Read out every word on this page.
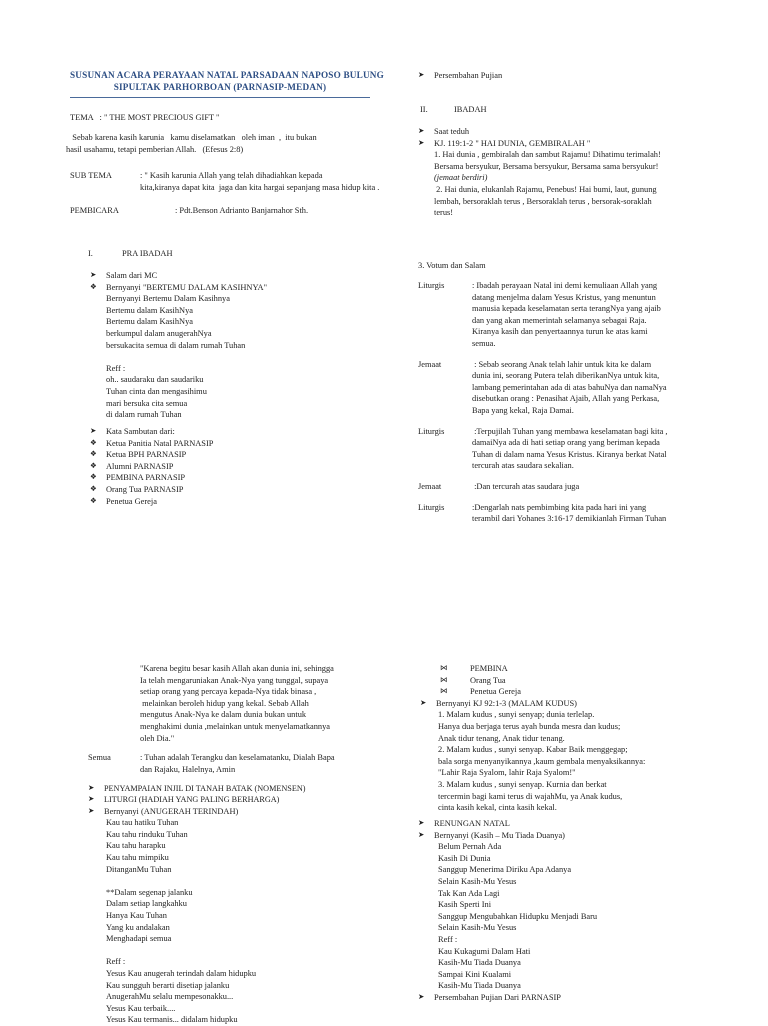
SUSUNAN ACARA PERAYAAN NATAL PARSADAAN NAPOSO BULUNG
SIPULTAK PARHORBOAN (PARNASIP-MEDAN)
TEMA   : " THE MOST PRECIOUS GIFT "
Sebab karena kasih karunia   kamu diselamatkan   oleh iman  ,  itu bukan
hasil usahamu, tetapi pemberian Allah.   (Efesus 2:8)
SUB TEMA	: " Kasih karunia Allah yang telah dihadiahkan kepada
kita,kiranya dapat kita  jaga dan kita hargai sepanjang masa hidup kita .
PEMBICARA	: Pdt.Benson Adrianto Banjarnahor Sth.
I.	PRA IBADAH
➤	Salam dari MC
❖	Bernyanyi "BERTEMU DALAM KASIHNYA"
Bernyanyi Bertemu Dalam Kasihnya
Bertemu dalam KasihNya
Bertemu dalam KasihNya
berkumpul dalam anugerahNya
bersukacita semua di dalam rumah Tuhan

Reff :
oh.. saudaraku dan saudariku
Tuhan cinta dan mengasihimu
mari bersuka cita semua
di dalam rumah Tuhan
➤	Kata Sambutan dari:
❖	Ketua Panitia Natal PARNASIP
❖	Ketua BPH PARNASIP
❖	Alumni PARNASIP
❖	PEMBINA PARNASIP
❖	Orang Tua PARNASIP
❖	Penetua Gereja
➤	Persembahan Pujian
II.	IBADAH
➤	Saat teduh
➤	KJ. 119:1-2 " HAI DUNIA, GEMBIRALAH "
1. Hai dunia , gembiralah dan sambut Rajamu! Dihatimu terimalah!
Bersama bersyukur, Bersama bersyukur, Bersama sama bersyukur!
(jemaat berdiri)
2. Hai dunia, elukanlah Rajamu, Penebus! Hai bumi, laut, gunung
lembah, bersoraklah terus , Bersoraklah terus , bersorak-soraklah
terus!
3. Votum dan Salam
Liturgis	: Ibadah perayaan Natal ini demi kemuliaan Allah yang
datang menjelma dalam Yesus Kristus, yang menuntun
manusia kepada keselamatan serta terangNya yang ajaib
dan yang akan memerintah selamanya sebagai Raja.
Kiranya kasih dan penyertaannya turun ke atas kami
semua.
Jemaat	: Sebab seorang Anak telah lahir untuk kita ke dalam
dunia ini, seorang Putera telah diberikanNya untuk kita,
lambang pemerintahan ada di atas bahuNya dan namaNya
disebutkan orang : Penasihat Ajaib, Allah yang Perkasa,
Bapa yang kekal, Raja Damai.
Liturgis	:Terpujilah Tuhan yang membawa keselamatan bagi kita ,
damaiNya ada di hati setiap orang yang beriman kepada
Tuhan di dalam nama Yesus Kristus. Kiranya berkat Natal
tercurah atas saudara sekalian.
Jemaat	:Dan tercurah atas saudara juga
Liturgis	:Dengarlah nats pembimbing kita pada hari ini yang
terambil dari Yohanes 3:16-17 demikianlah Firman Tuhan
"Karena begitu besar kasih Allah akan dunia ini, sehingga
Ia telah mengaruniakan Anak-Nya yang tunggal, supaya
setiap orang yang percaya kepada-Nya tidak binasa ,
melainkan beroleh hidup yang kekal. Sebab Allah
mengutus Anak-Nya ke dalam dunia bukan untuk
menghakimi dunia ,melainkan untuk menyelamatkannya
oleh Dia."
Semua	: Tuhan adalah Terangku dan keselamatanku, Dialah Bapa
dan Rajaku, Halelnya, Amin
➤	PENYAMPAIAN INJIL DI TANAH BATAK (NOMENSEN)
➤	LITURGI (HADIAH YANG PALING BERHARGA)
➤	Bernyanyi (ANUGERAH TERINDAH)
Kau tau hatiku Tuhan
Kau tahu rinduku Tuhan
Kau tahu harapku
Kau tahu mimpiku
DitanganMu Tuhan

**Dalam segenap jalanku
Dalam setiap langkahku
Hanya Kau Tuhan
Yang ku andalakan
Menghadapi semua

Reff :
Yesus Kau anugerah terindah dalam hidupku
Kau sungguh berarti disetiap jalanku
AnugerahMu selalu mempesonakku...
Yesus Kau terbaik....
Yesus Kau termanis... didalam hidupku
⋈	PEMBINA
⋈	Orang Tua
⋈	Penetua Gereja
➤	Bernyanyi KJ 92:1-3 (MALAM KUDUS)
1. Malam kudus , sunyi senyap; dunia terlelap.
Hanya dua berjaga terus ayah bunda mesra dan kudus;
Anak tidur tenang, Anak tidur tenang.
2. Malam kudus , sunyi senyap. Kabar Baik menggegap;
bala sorga menyanyikannya ,kaum gembala menyaksikannya:
"Lahir Raja Syalom, lahir Raja Syalom!"
3. Malam kudus , sunyi senyap. Kurnia dan berkat
tercermin bagi kami terus di wajahMu, ya Anak kudus,
cinta kasih kekal, cinta kasih kekal.
➤	RENUNGAN NATAL
➤	Bernyanyi (Kasih – Mu Tiada Duanya)
Belum Pernah Ada
Kasih Di Dunia
Sanggup Menerima Diriku Apa Adanya
Selain Kasih-Mu Yesus
Tak Kan Ada Lagi
Kasih Sperti Ini
Sanggup Mengubahkan Hidupku Menjadi Baru
Selain Kasih-Mu Yesus
Reff :
Kau Kukagumi Dalam Hati
Kasih-Mu Tiada Duanya
Sampai Kini Kualami
Kasih-Mu Tiada Duanya
➤	Persembahan Pujian Dari PARNASIP
